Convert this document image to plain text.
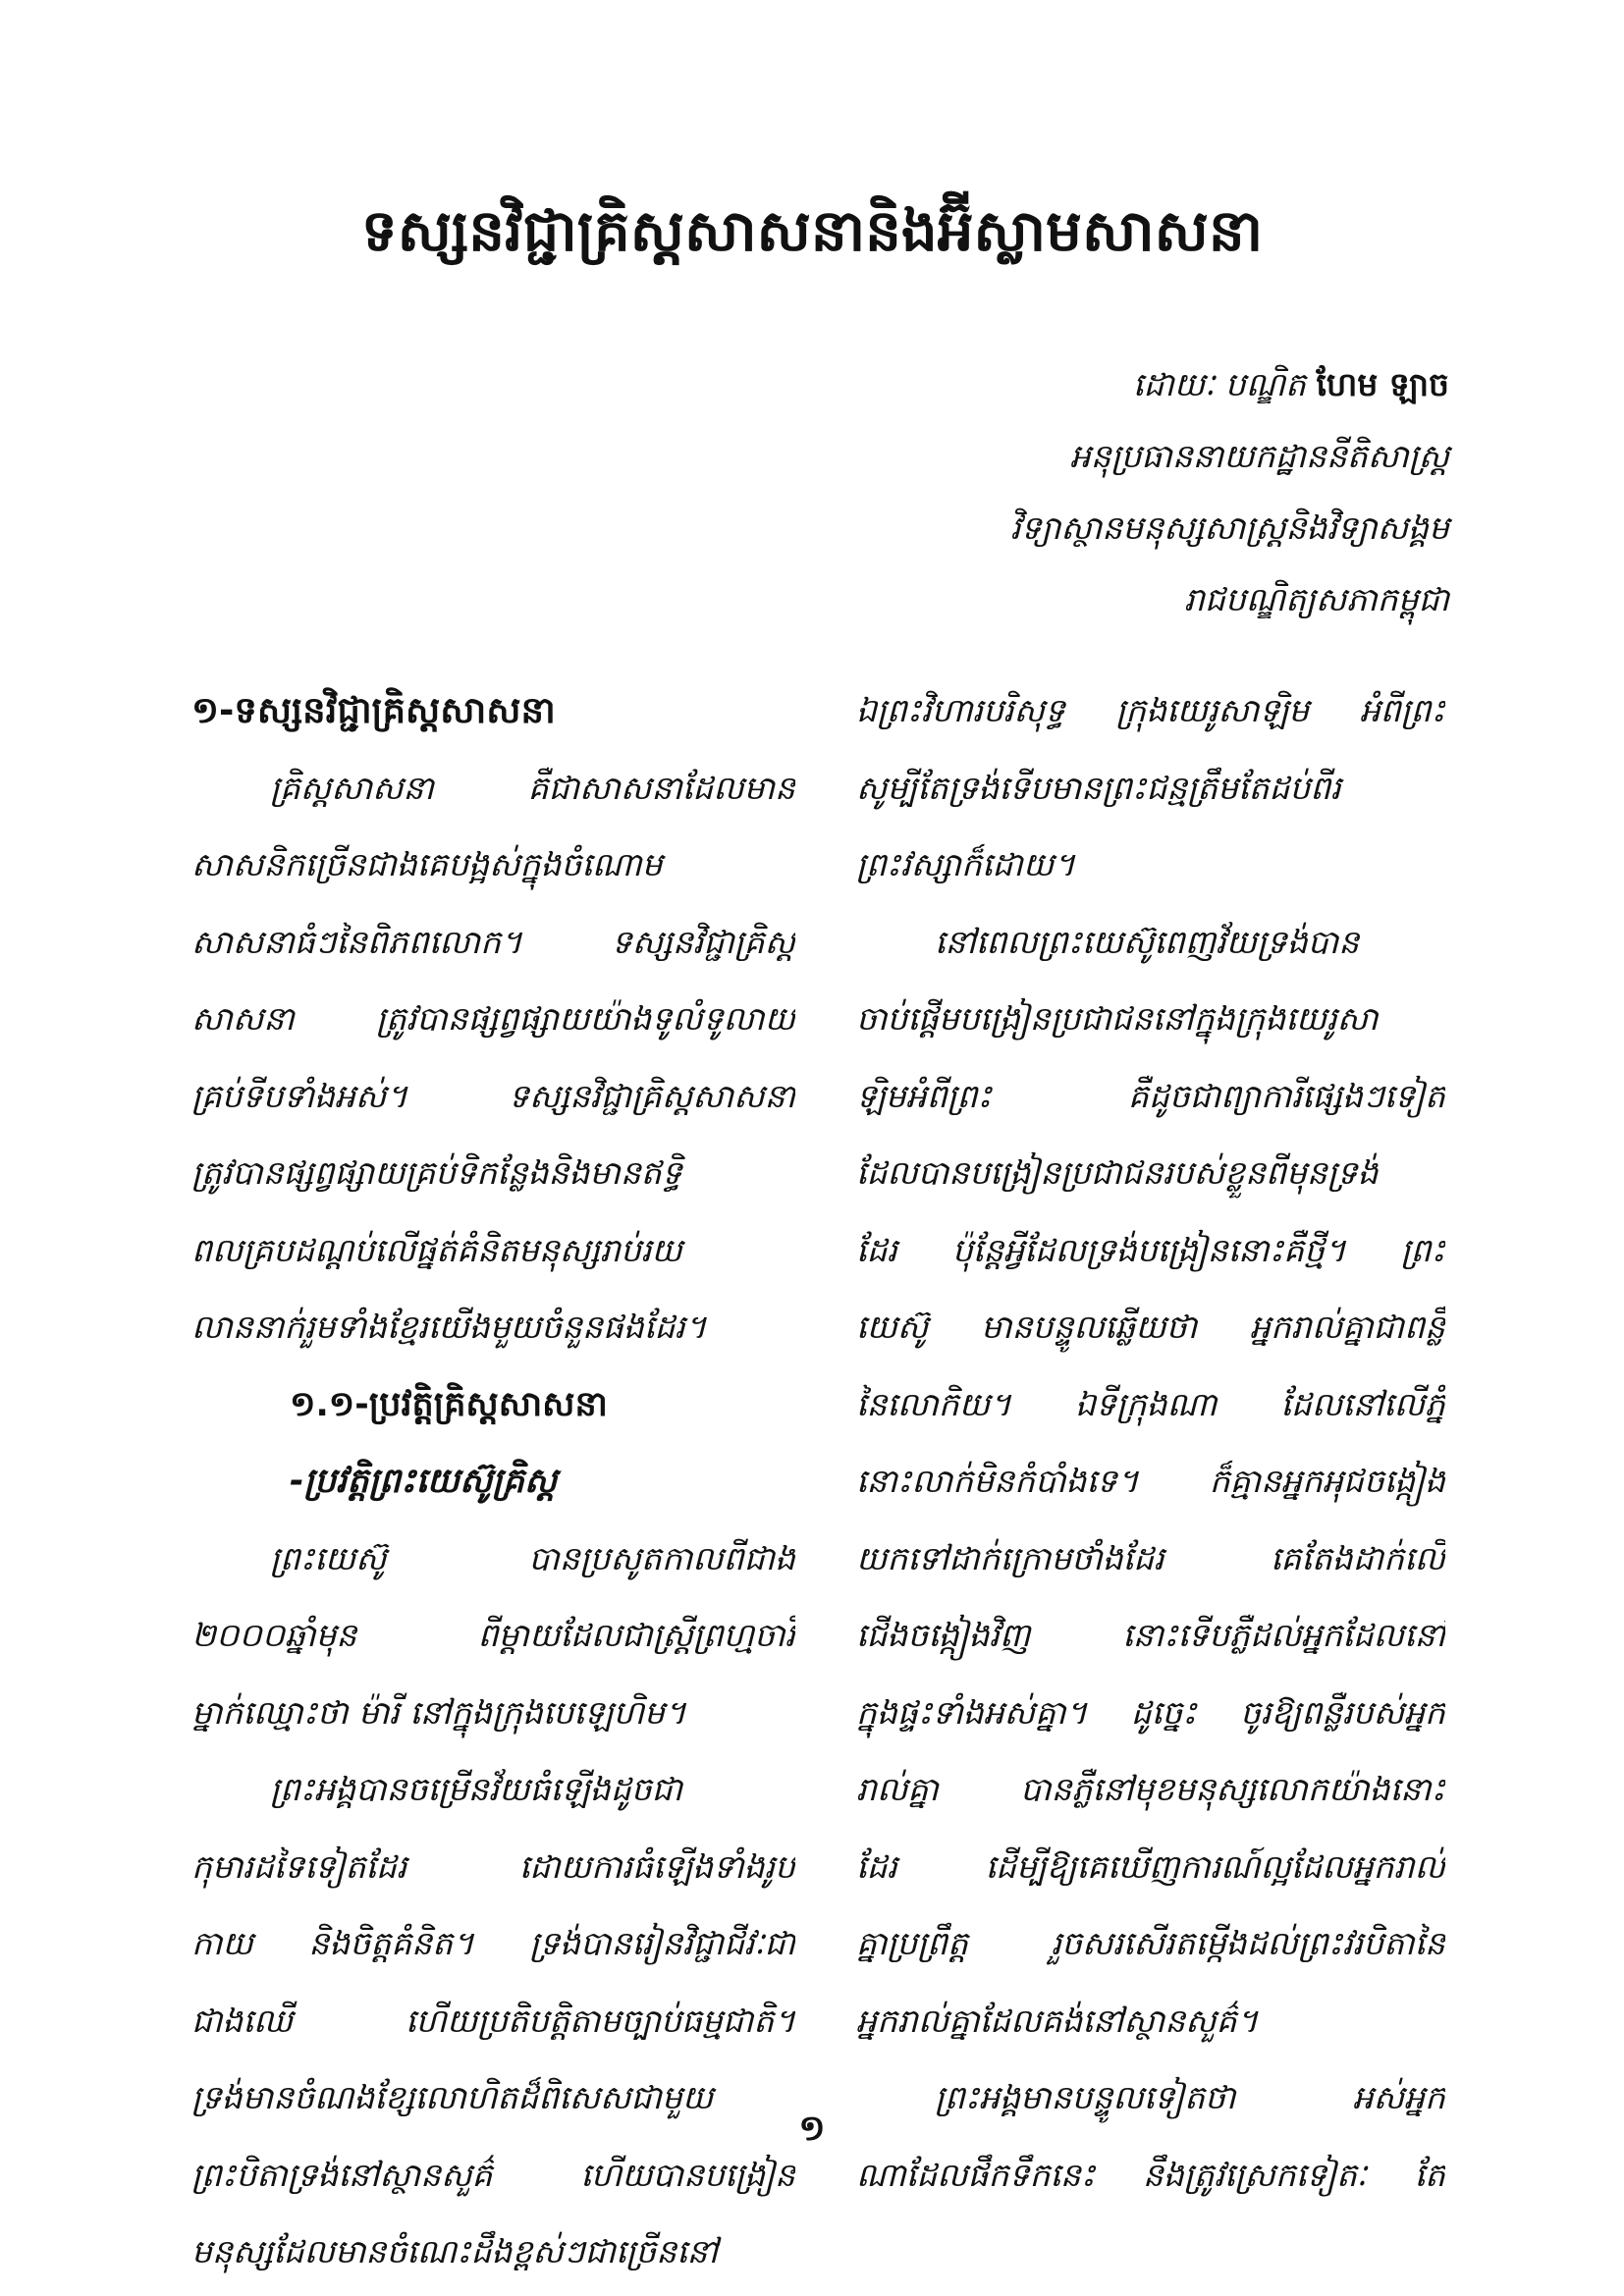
ទស្សនវិជ្ជាគ្រិស្តសាសនានិងអ៊ីស្លាមសាសនា
ដោយៈ បណ្ឌិត ហែម ឡាច
អនុប្រធាននាយកដ្ឋាននីតិសាស្ត្រ
វិទ្យាស្ថានមនុស្សសាស្ត្រនិងវិទ្យាសង្គម
រាជបណ្ឌិត្យសភាកម្ពុជា
១-ទស្សនវិជ្ជាគ្រិស្តសាសនា
គ្រិស្តសាសនា គឺជាសាសនាដែលមាន
សាសនិកច្រើនជាងគេបង្អស់ក្នុងចំណោម
សាសនាធំៗនៃពិភពលោក។ ទស្សនវិជ្ជាគ្រិស្ត
សាសនា ត្រូវបានផ្សព្វផ្សាយយ៉ាងទូលំទូលាយ
គ្រប់ទីបទាំងអស់។ ទស្សនវិជ្ជាគ្រិស្តសាសនា
ត្រូវបានផ្សព្វផ្សាយគ្រប់ទិកន្លែងនិងមានឥទ្ធិ
ពលគ្របដណ្តប់លើផ្នត់គំនិតមនុស្សរាប់រយ
លាននាក់រួមទាំងខ្មែរយើងមួយចំនួនផងដែរ។
១.១-ប្រវត្តិគ្រិស្តសាសនា
-ប្រវត្តិព្រះយេស៊ូគ្រិស្ត
ព្រះយេស៊ូ បានប្រសូតកាលពីជាង
២០០០ឆ្នាំមុន ពីម្តាយដែលជាស្ត្រីព្រហ្មចារី
ម្នាក់ឈ្មោះថា ម៉ារី នៅក្នុងក្រុងបេឡេហិម។
ព្រះអង្គបានចម្រើនវ័យធំឡើងដូចជា
កុមារដទៃទៀតដែរ ដោយការធំឡើងទាំងរូប
កាយ និងចិត្តគំនិត។ ទ្រង់បានរៀនវិជ្ជាជីវៈជា
ជាងឈើ ហើយប្រតិបត្តិតាមច្បាប់ធម្មជាតិ។
ទ្រង់មានចំណងខ្សែលោហិតដ៏ពិសេសជាមួយ
ព្រះបិតាទ្រង់នៅស្ថានសួគ៌ ហើយបានបង្រៀន
មនុស្សដែលមានចំណេះដឹងខ្ពស់ៗជាច្រើននៅ
ឯព្រះវិហារបរិសុទ្ធ ក្រុងយេរូសាឡិម អំពីព្រះ
សូម្បីតែទ្រង់ទើបមានព្រះជន្មត្រឹមតែដប់ពីរ
ព្រះវស្សាក៏ដោយ។
នៅពេលព្រះយេស៊ូពេញវ័យទ្រង់បាន
ចាប់ផ្តើមបង្រៀនប្រជាជននៅក្នុងក្រុងយេរូសា
ឡិមអំពីព្រះ គឺដូចជាព្យាការីផ្សេងៗទៀត
ដែលបានបង្រៀនប្រជាជនរបស់ខ្លួនពីមុនទ្រង់
ដែរ ប៉ុន្តែអ្វីដែលទ្រង់បង្រៀននោះគឺថ្មី។ ព្រះ
យេស៊ូ មានបន្ទូលឆ្លើយថា អ្នករាល់គ្នាជាពន្លឺ
នៃលោកិយ។ ឯទីក្រុងណា ដែលនៅលើភ្នំ
នោះលាក់មិនកំបាំងទេ។ ក៏គ្មានអ្នកអុជចង្កៀង
យកទៅដាក់ក្រោមថាំងដែរ គេតែងដាក់លើ
ជើងចង្កៀងវិញ នោះទើបភ្លឺដល់អ្នកដែលនៅ
ក្នុងផ្ទះទាំងអស់គ្នា។ ដូច្នេះ ចូរឱ្យពន្លឺរបស់អ្នក
រាល់គ្នា បានភ្លឺនៅមុខមនុស្សលោកយ៉ាងនោះ
ដែរ ដើម្បីឱ្យគេឃើញការណ៍ល្អដែលអ្នករាល់
គ្នាប្រព្រឹត្ត រួចសរសើរតម្កើងដល់ព្រះវរបិតានៃ
អ្នករាល់គ្នាដែលគង់នៅស្ថានសួគ៌។
ព្រះអង្គមានបន្ទូលទៀតថា អស់អ្នក
ណាដែលផឹកទឹកនេះ នឹងត្រូវស្រេកទៀតៈ តែ
១
